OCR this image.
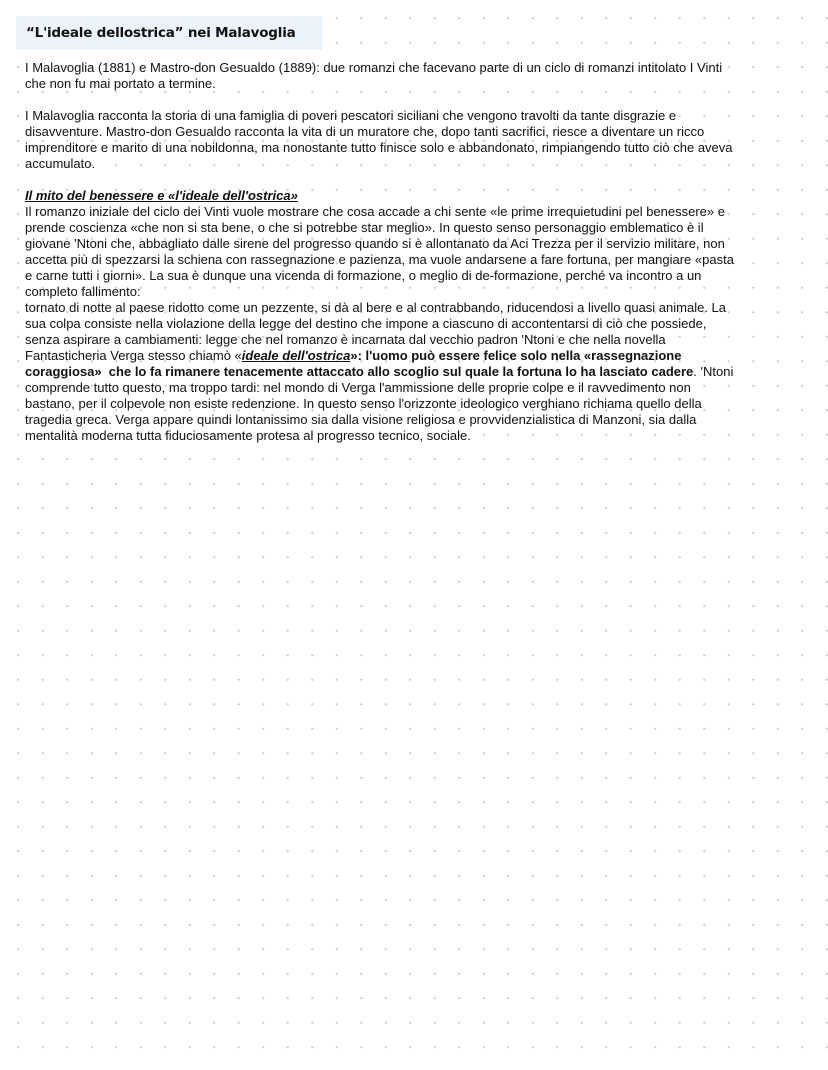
“L'ideale dellostrica” nei Malavoglia
I Malavoglia (1881) e Mastro-don Gesualdo (1889): due romanzi che facevano parte di un ciclo di romanzi intitolato I Vinti
che non fu mai portato a termine.
I Malavoglia racconta la storia di una famiglia di poveri pescatori siciliani che vengono travolti da tante disgrazie e
disavventure. Mastro-don Gesualdo racconta la vita di un muratore che, dopo tanti sacrifici, riesce a diventare un ricco
imprenditore e marito di una nobildonna, ma nonostante tutto finisce solo e abbandonato, rimpiangendo tutto ciò che aveva
accumulato.
Il mito del benessere e «l'ideale dell'ostrica»
Il romanzo iniziale del ciclo dei Vinti vuole mostrare che cosa accade a chi sente «le prime irrequietudini pel benessere» e
prende coscienza «che non si sta bene, o che si potrebbe star meglio». In questo senso personaggio emblematico è il
giovane 'Ntoni che, abbagliato dalle sirene del progresso quando si è allontanato da Aci Trezza per il servizio militare, non
accetta più di spezzarsi la schiena con rassegnazione e pazienza, ma vuole andarsene a fare fortuna, per mangiare «pasta
e carne tutti i giorni». La sua è dunque una vicenda di formazione, o meglio di de-formazione, perché va incontro a un
completo fallimento:
tornato di notte al paese ridotto come un pezzente, si dà al bere e al contrabbando, riducendosi a livello quasi animale. La
sua colpa consiste nella violazione della legge del destino che impone a ciascuno di accontentarsi di ciò che possiede,
senza aspirare a cambiamenti: legge che nel romanzo è incarnata dal vecchio padron 'Ntoni e che nella novella
Fantasticheria Verga stesso chiamò «ideale dell'ostrica»: l'uomo può essere felice solo nella «rassegnazione
coraggiosa»  che lo fa rimanere tenacemente attaccato allo scoglio sul quale la fortuna lo ha lasciato cadere. 'Ntoni
comprende tutto questo, ma troppo tardi: nel mondo di Verga l'ammissione delle proprie colpe e il ravvedimento non
bastano, per il colpevole non esiste redenzione. In questo senso l'orizzonte ideologico verghiano richiama quello della
tragedia greca. Verga appare quindi lontanissimo sia dalla visione religiosa e provvidenzialistica di Manzoni, sia dalla
mentalità moderna tutta fiduciosamente protesa al progresso tecnico, sociale.
